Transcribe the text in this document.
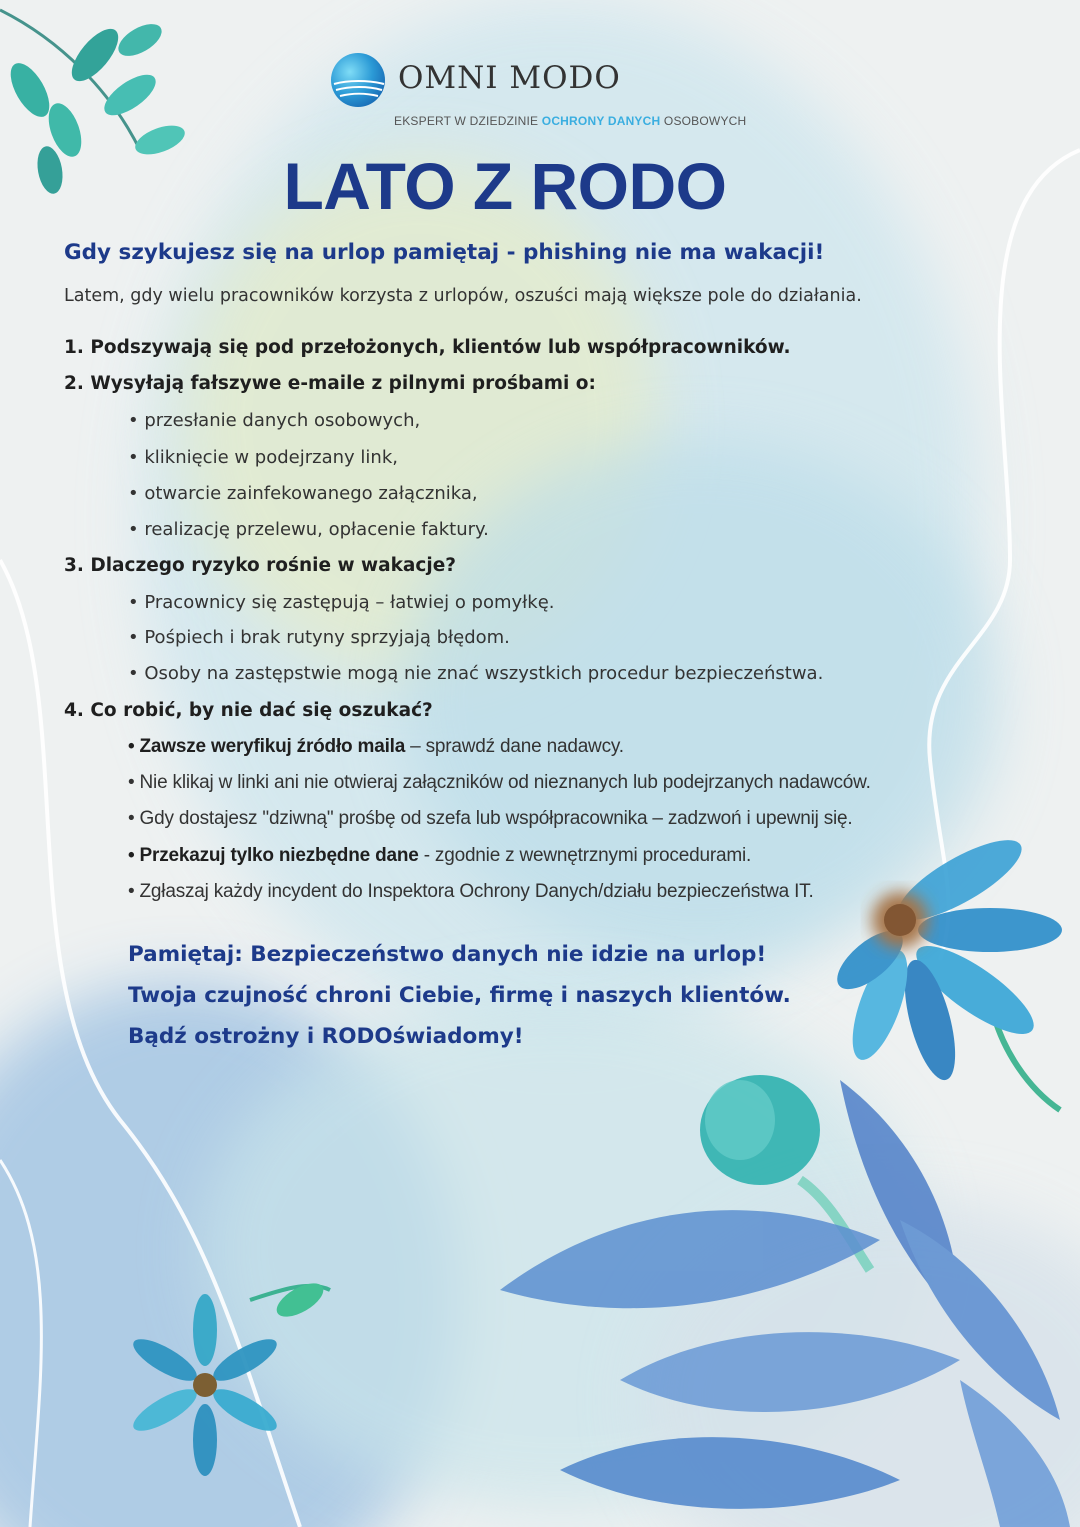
OMNI MODO
EKSPERT W DZIEDZINIE OCHRONY DANYCH OSOBOWYCH
LATO Z RODO
Gdy szykujesz się na urlop pamiętaj - phishing nie ma wakacji!
Latem, gdy wielu pracowników korzysta z urlopów, oszuści mają większe pole do działania.
1. Podszywają się pod przełożonych, klientów lub współpracowników.
2. Wysyłają fałszywe e-maile z pilnymi prośbami o:
• przesłanie danych osobowych,
• kliknięcie w podejrzany link,
• otwarcie zainfekowanego załącznika,
• realizację przelewu, opłacenie faktury.
3. Dlaczego ryzyko rośnie w wakacje?
• Pracownicy się zastępują – łatwiej o pomyłkę.
• Pośpiech i brak rutyny sprzyjają błędom.
• Osoby na zastępstwie mogą nie znać wszystkich procedur bezpieczeństwa.
4. Co robić, by nie dać się oszukać?
• Zawsze weryfikuj źródło maila – sprawdź dane nadawcy.
• Nie klikaj w linki ani nie otwieraj załączników od nieznanych lub podejrzanych nadawców.
• Gdy dostajesz "dziwną" prośbę od szefa lub współpracownika – zadzwoń i upewnij się.
• Przekazuj tylko niezbędne dane - zgodnie z wewnętrznymi procedurami.
• Zgłaszaj każdy incydent do Inspektora Ochrony Danych/działu bezpieczeństwa IT.
Pamiętaj: Bezpieczeństwo danych nie idzie na urlop!
Twoja czujność chroni Ciebie, firmę i naszych klientów.
Bądź ostrożny i RODOświadomy!
